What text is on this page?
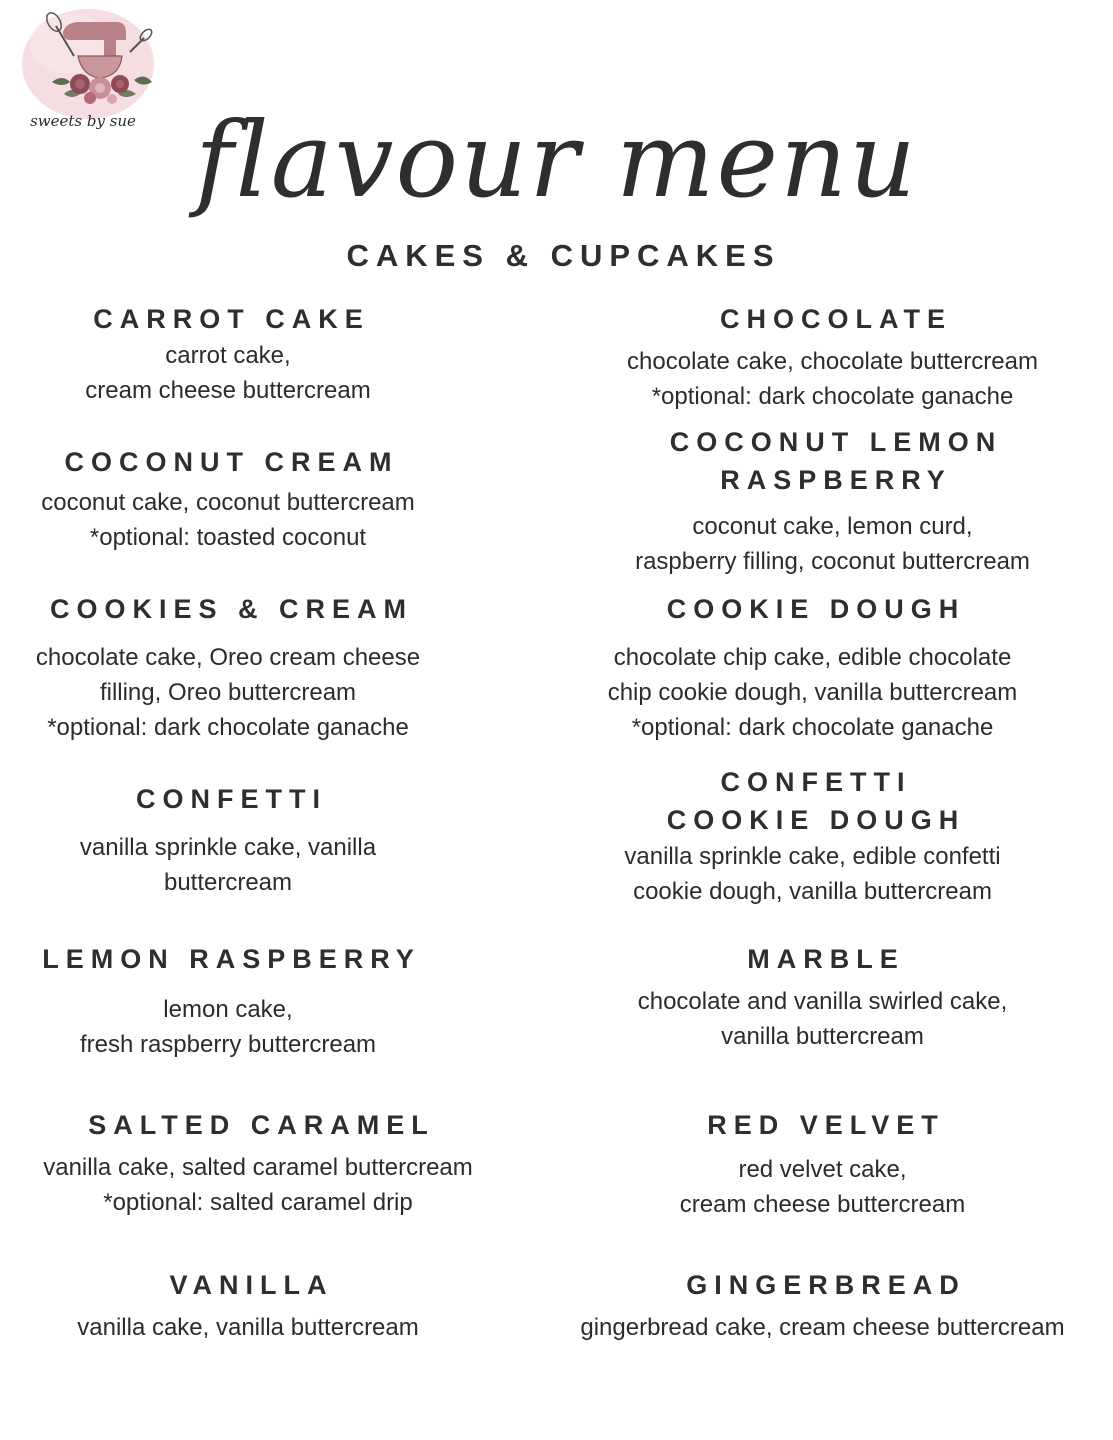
sweets by sue flavour menu
CAKES & CUPCAKES
CARROT CAKE
carrot cake,
cream cheese buttercream
COCONUT CREAM
coconut cake, coconut buttercream
*optional: toasted coconut
COOKIES & CREAM
chocolate cake, Oreo cream cheese
filling, Oreo buttercream
*optional: dark chocolate ganache
CONFETTI
vanilla sprinkle cake, vanilla
buttercream
LEMON RASPBERRY
lemon cake,
fresh raspberry buttercream
SALTED CARAMEL
vanilla cake, salted caramel buttercream
*optional: salted caramel drip
VANILLA
vanilla cake, vanilla buttercream
CHOCOLATE
chocolate cake, chocolate buttercream
*optional: dark chocolate ganache
COCONUT LEMON
RASPBERRY
coconut cake, lemon curd,
raspberry filling, coconut buttercream
COOKIE DOUGH
chocolate chip cake, edible chocolate
chip cookie dough, vanilla buttercream
*optional: dark chocolate ganache
CONFETTI
COOKIE DOUGH
vanilla sprinkle cake, edible confetti
cookie dough, vanilla buttercream
MARBLE
chocolate and vanilla swirled cake,
vanilla buttercream
RED VELVET
red velvet cake,
cream cheese buttercream
GINGERBREAD
gingerbread cake, cream cheese buttercream
